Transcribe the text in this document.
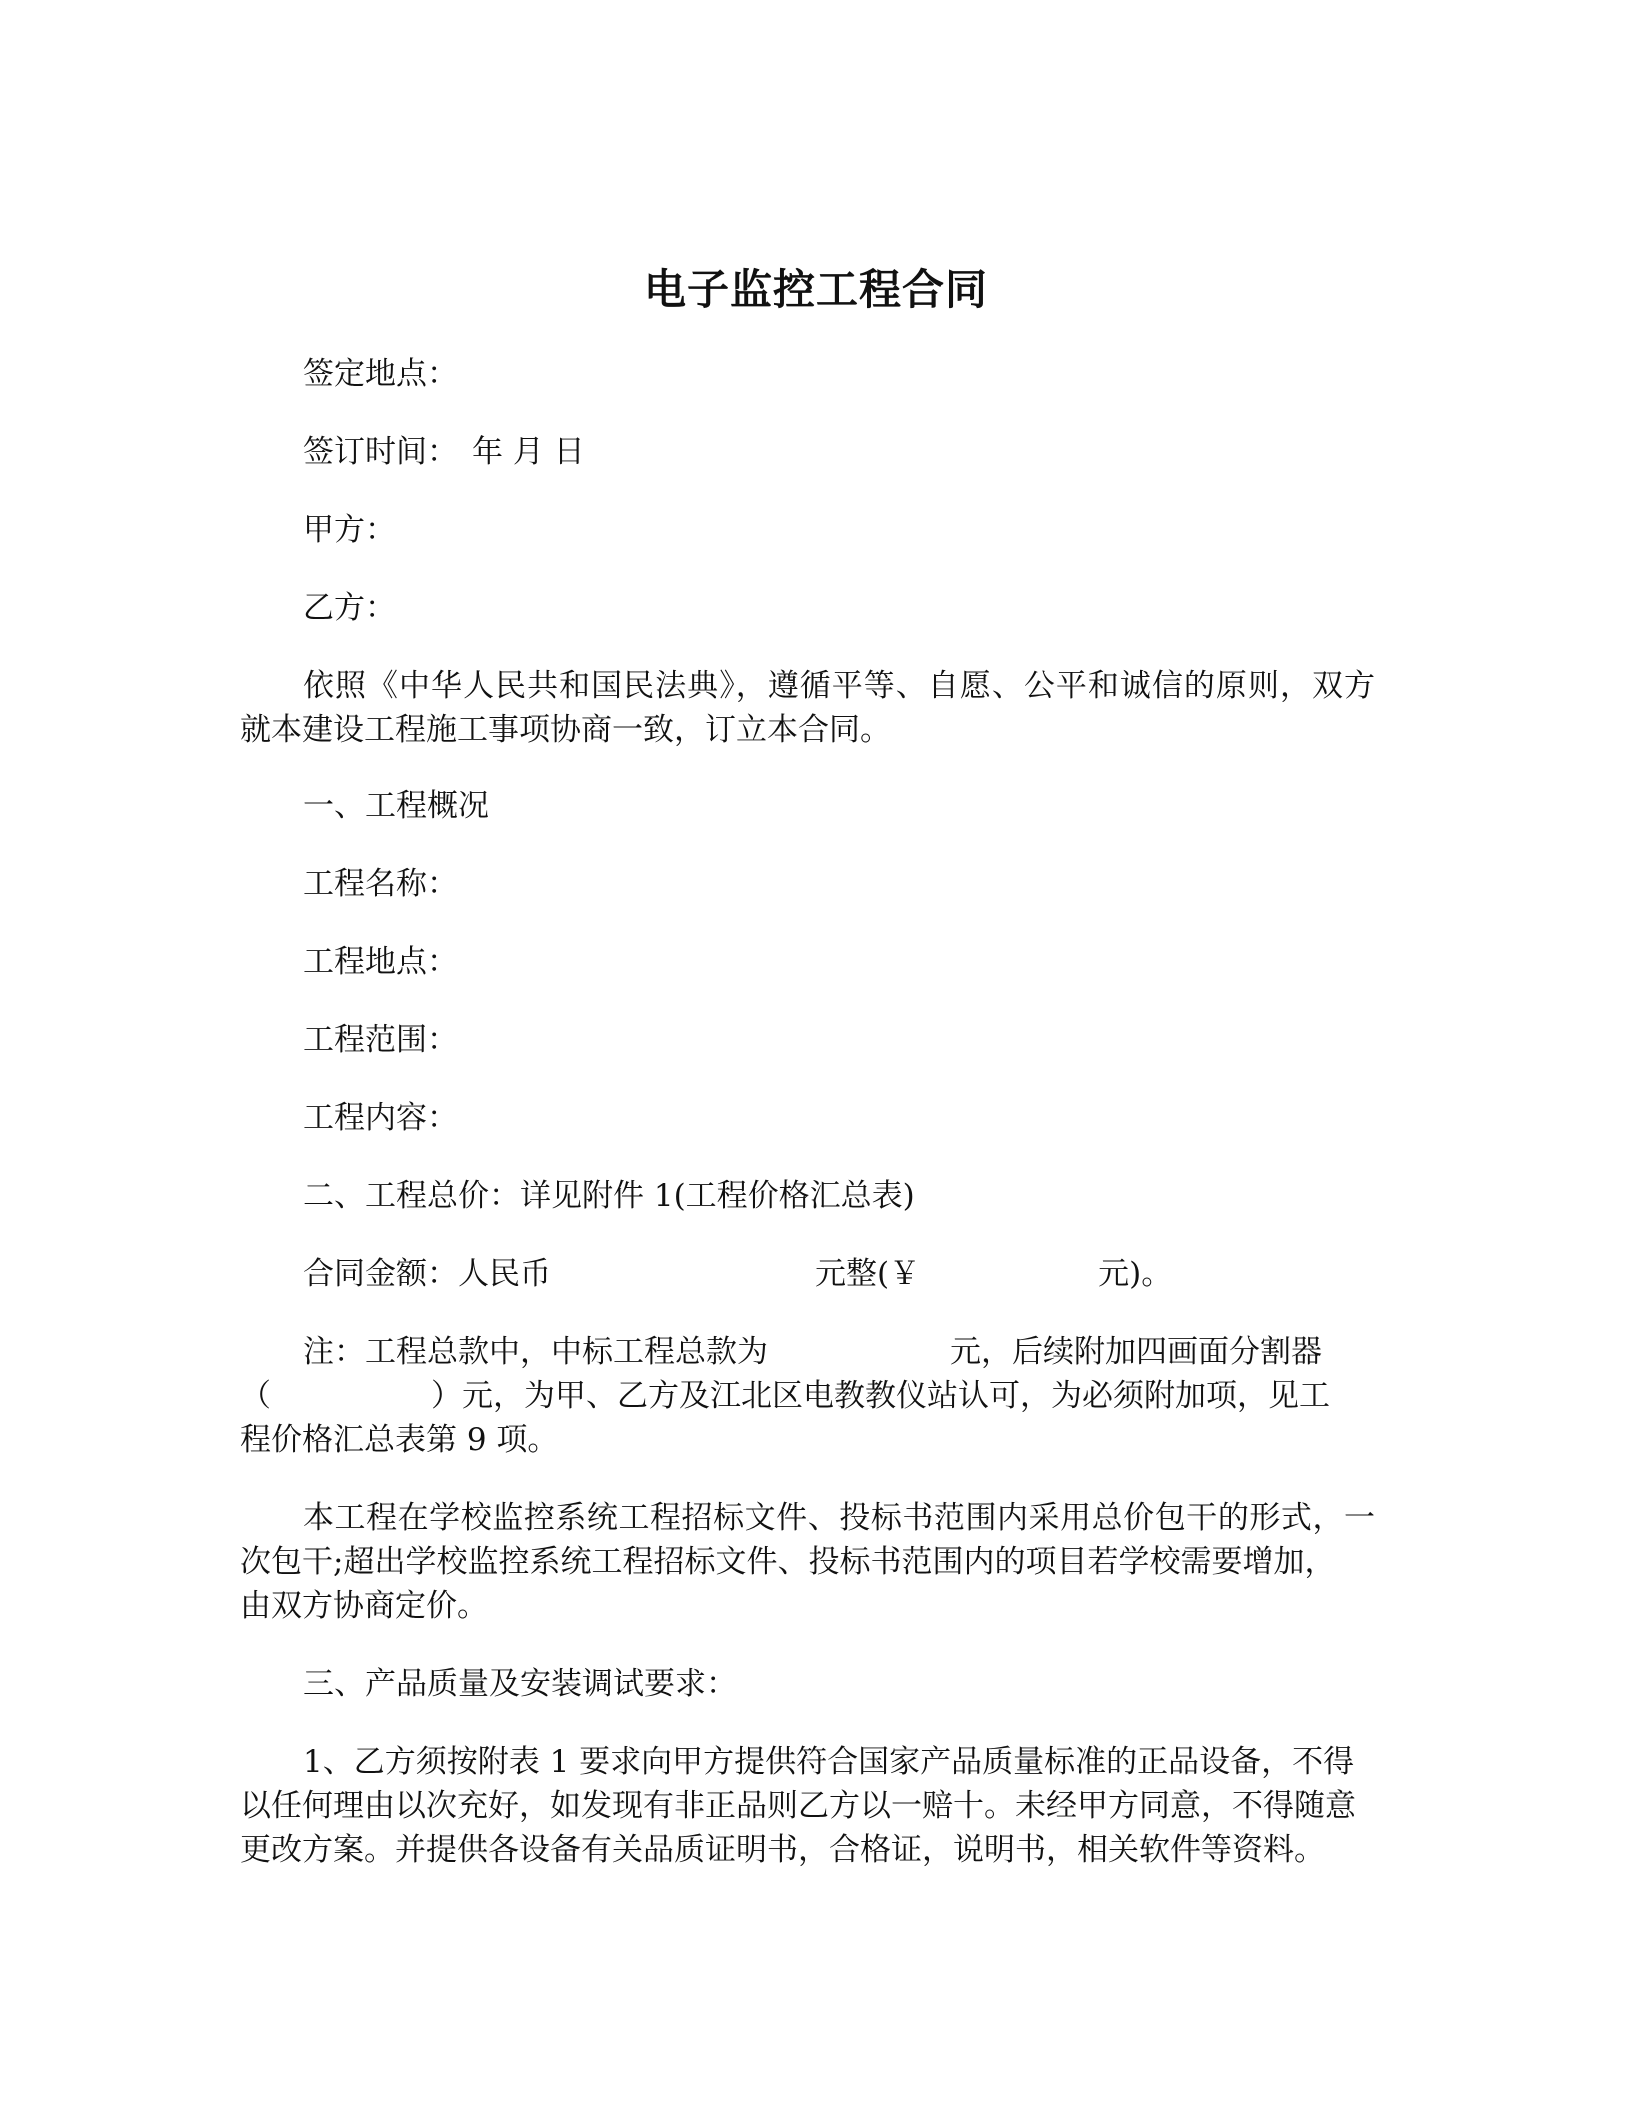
电子监控工程合同
签定地点：
签订时间： 年 月 日
甲方：
乙方：
依照《中华人民共和国民法典》，遵循平等、自愿、公平和诚信的原则，双方
就本建设工程施工事项协商一致，订立本合同。
一、工程概况
工程名称：
工程地点：
工程范围：
工程内容：
二、工程总价：详见附件 1(工程价格汇总表)
合同金额：人民币	元整(￥	元)。
注：工程总款中，中标工程总款为	元，后续附加四画面分割器
（	）元，为甲、乙方及江北区电教教仪站认可，为必须附加项，见工
程价格汇总表第 9 项。
本工程在学校监控系统工程招标文件、投标书范围内采用总价包干的形式，一
次包干;超出学校监控系统工程招标文件、投标书范围内的项目若学校需要增加，
由双方协商定价。
三、产品质量及安装调试要求：
1、乙方须按附表 1 要求向甲方提供符合国家产品质量标准的正品设备，不得
以任何理由以次充好，如发现有非正品则乙方以一赔十。未经甲方同意，不得随意
更改方案。并提供各设备有关品质证明书，合格证，说明书，相关软件等资料。
